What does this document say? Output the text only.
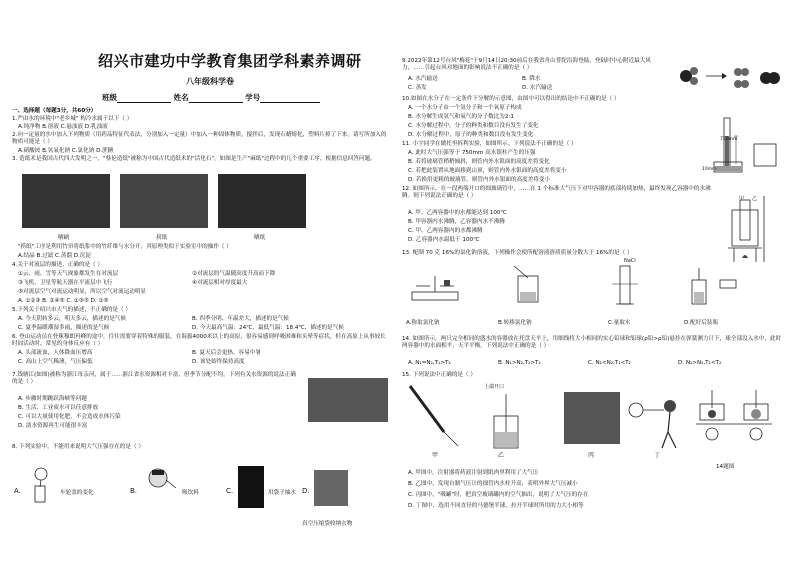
绍兴市建功中学教育集团学科素养调研
八年级科学卷
班级	姓名	学号
一、选择题（每题3分，共60分）
1.严由水的环境中"老乡城" 构冷水属于以下（ ）
A.纯净物 B.溶液 C.悬浊液 D.乳浊液
2.向一定量的水中加入下列物质（用药品特征代表法，分别加入一定量）中加入一种固体物质，搅拌后，发现石蜡熔化，塑料片掉了下来。请写所加入的物质可能是（ ）
A.硝酸铵 B.氢氧化钠 C.氯化钠 D.蔗糖
3. 造纸术是我国古代四大发明之一，"蔡伦造纸"被称为中国古代造纸术的"活化石"，如图是生产"麻纸"过程中的几个重要工序，根据信息回答问题。
晒刷	捞纸	晒纸
"捞纸"工序是利用竹帘将纸浆中的竹纤维与水分开，其原理类似于实验室中的操作（ ）
A.结晶 B.过滤 C.蒸馏 D.沉淀
4.关于对流层的描述，正确的是（ ）
①云、雨、雪等天气现象都发生在对流层	②对流层的气温随高度升高而下降
③飞机、卫星等航天器在平流层中飞行	④对流层相对厚度最大
⑤对流层空气对流运动明显，所以空气对流运动明显
A. ①②③ B. ②④⑤ C. ①③⑤ D. ①⑤
5.下列关于绍兴市天气的描述，不正确的是（ ）
A. 今天阴转多云，明天多云，描述的是气候	B. 四季分明、年温差大，描述的是气候
C. 夏季温暖潮湿多雨，描述的是气候	D. 今天最高气温：24℃，最低气温：18.4℃，描述的是气候
6. 登山运动员在登珠穆朗玛峰的途中，往往需要穿着特殊的服装，在海拔4000米以上的高原，很容易感到呼吸困难和头晕等症状，但在高原上从事较长时间活动时，常见的身体反应有（ ）
A. 头部流血，人体降血压增高	B. 夏天后会更热，容易中暑
C. 高山上空气稀薄，气压偏低	D. 该处始终保持高度
7.钱塘江(如图)被称为浙江母亲河，属于……浙江省水资源相对丰富，但季节分配不均。下列有关水资源的说法正确的是（ ）
A. 步骤时期跳跃海峡等问题
B. 生活、工业废水可以任意排放
C. 可以大量使用化肥，不会造成水体污染
D. 淡水资源再生可能很丰富
8. 下列实验中，不能用来说明大气压强存在的是（ ）
A.	车轮盖的变化	B.	吸饮料	C.	用袋子抽水 D.
真空压缩袋收纳衣物
9.2022年第12号台风"梅花"于9月14日20:30前后在我省舟山普陀沿海登陆，登陆时中心附近最大风力，……引起台风对地面的影响说法不正确的是（ ）
A. 水汽输送	B. 降水
C. 蒸发	D. 水汽输送
10.如图在水分子在一定条件下分解的示意图，由图中可以得出的结论中不正确的是（ ）
A. 一个水分子由一个氢分子和一个氧原子构成
B. 水分解生成氢气和氧气的分子数比为2:1
C. 水分解过程中，分子的种类和数目没有发生了变化
D. 水分解过程中，原子的种类和数目没有发生变化
11. 小宇同学在做托里拆利实验，如图所示。下列说法不正确的是（ ）
A. 此时大气压强等于 750mm 高水银柱产生的压强
B. 若将玻璃管稍稍倾斜，则管内外水银面的高度差将变化
C. 若把此装置从地面移到山顶，则管内外水银面的高度差将变小
D. 若换用更粗的玻璃管，则管内外水银面的高度差将变小
750mm
10mm
12. 如图所示，在一段两端开口的细玻璃管中，……在 1 个标准大气压下对甲容器的底部持续加热，最终发现乙容器中的水沸腾。则下列说法正确的是（ ）
A. 甲、乙两容器中的水都能达到 100℃
B. 甲容器内水沸腾，乙容器内水不沸腾
C. 甲、乙两容器内的水都沸腾
D. 乙容器内水温低于 100℃
甲 乙
13. 配制 70 克 16%的氯化钠溶液，下列操作会使所配溶液溶质质量分数大于 16%的是（ ）
NaCl
A.称取氯化钠	B.转移氯化钠	C.量取水	D.配好后装瓶
14. 如图所示，两只完全相同的盛水的容器放在托盘天平上，用细线将大小相同的实心铅球和铝球(ρ铅>ρ铝)悬挂在弹簧测力计下，球全部没入水中，此时两容器中的水面相平，天平平衡。下列说法中正确的是（ ）
A. N₁=N₂,T₁>T₂	B. N₁>N₂,T₁>T₂	C. N₁<N₂,T₁<T₂	D. N₁>N₂,T₁<T₂
15. 下列说法中正确的是（ ）
上端开口
14题图
甲	乙	丙	丁
A. 甲图中，注射器将药液注射到肌肉里利用了大气压
B. 乙图中，发现自制气压计的细管内水柱升高，表明外界大气压减小
C. 丙图中，"吸罐"时，把真空玻璃罐内的空气抽出，说明了大气压的存在
D. 丁图中，选用不同直径的马德堡半球，拉开半球时所用的力大小相等
